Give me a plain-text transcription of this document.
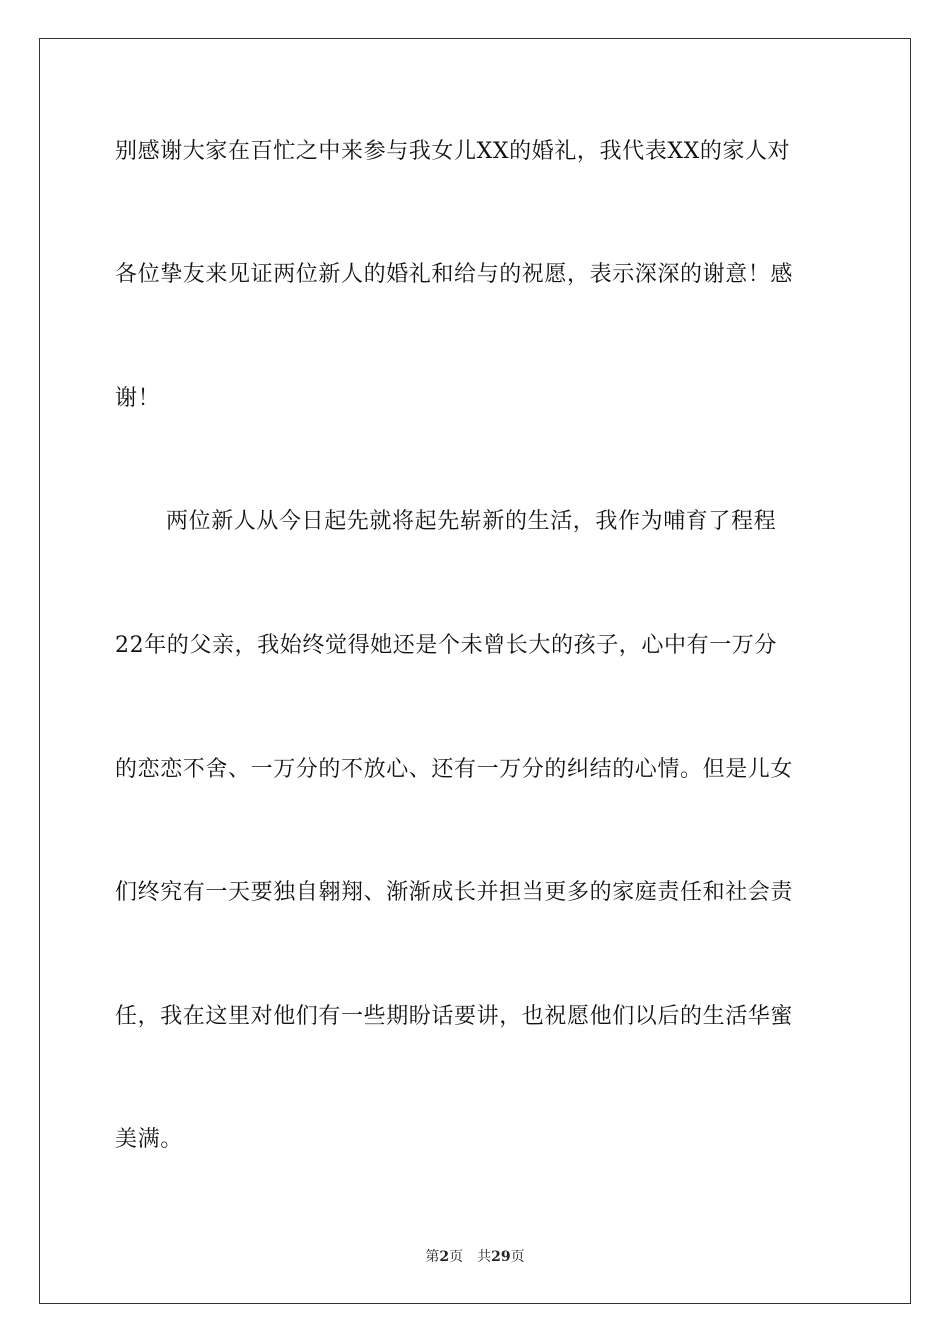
别感谢大家在百忙之中来参与我女儿XX的婚礼，我代表XX的家人对
各位挚友来见证两位新人的婚礼和给与的祝愿，表示深深的谢意！感
谢！
两位新人从今日起先就将起先崭新的生活，我作为哺育了程程
22年的父亲，我始终觉得她还是个未曾长大的孩子，心中有一万分
的恋恋不舍、一万分的不放心、还有一万分的纠结的心情。但是儿女
们终究有一天要独自翱翔、渐渐成长并担当更多的家庭责任和社会责
任，我在这里对他们有一些期盼话要讲，也祝愿他们以后的生活华蜜
美满。
第2页 共29页
